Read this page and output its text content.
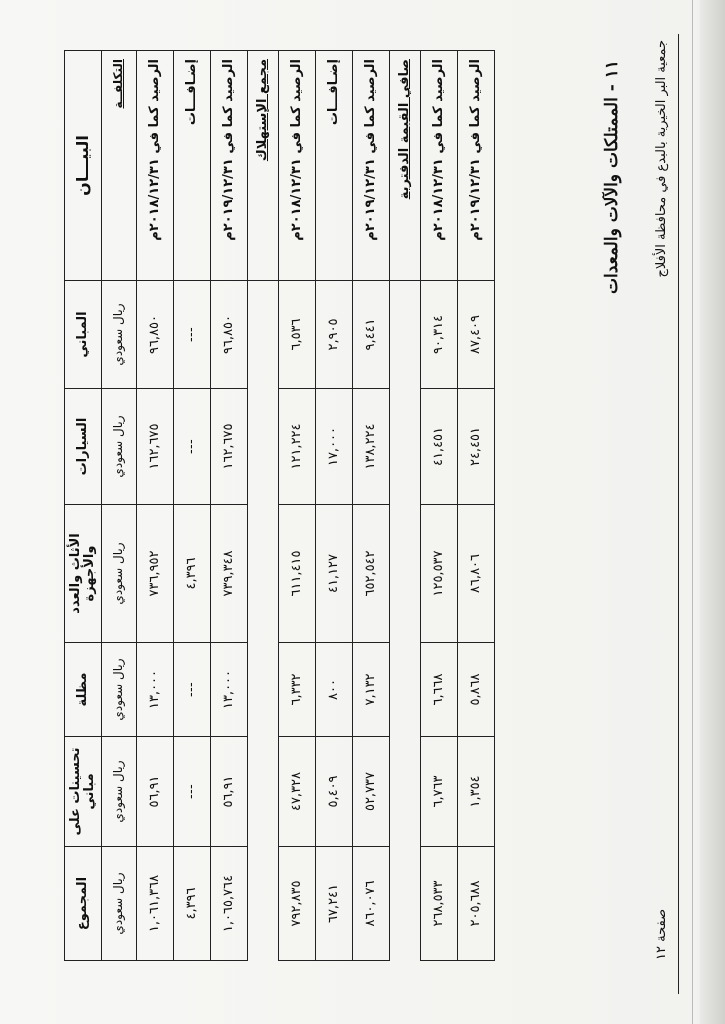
جمعية البر الخيرية بالبدع في محافظة الأفلاج
صفحة ١٢
١١ - الممتلكات والآلات والمعدات
البيـــان	المباني	السيارات	الأثاث والعدد والأجهزة	مظلة	تحسينات على مباني	المجموع
التكلفــة	ريال سعودي	ريال سعودي	ريال سعودي	ريال سعودي	ريال سعودي	ريال سعودي
الرصيد كما في ٢٠١٨/١٢/٣١م	٩٦,٨٥٠	١٦٢,٦٧٥	٧٣٦,٩٥٢	١٣,٠٠٠	٥٦,٩١	١,٠٦١,٣٦٨
إضـافـــات	---	---	٤,٣٩٦	---	---	٤,٣٩٦
الرصيد كما في ٢٠١٩/١٢/٣١م	٩٦,٨٥٠	١٦٢,٦٧٥	٧٣٩,٣٤٨	١٣,٠٠٠	٥٦,٩١	١,٠٦٥,٧٦٤
مجمع الإستهلاك						
الرصيد كما في ٢٠١٨/١٢/٣١م	٦,٥٣٦	١٢١,٢٢٤	٦١١,٤١٥	٦,٣٣٢	٤٧,٣٢٨	٧٩٢,٨٣٥
إضـافـــات	٢,٩٠٥	١٧,٠٠٠	٤١,١٢٧	٨٠٠	٥,٤٠٩	٦٧,٢٤١
الرصيد كما في ٢٠١٩/١٢/٣١م	٩,٤٤١	١٣٨,٢٢٤	٦٥٢,٥٤٢	٧,١٣٢	٥٢,٧٣٧	٨٦٠,٠٧٦
صافي القيمة الدفترية						
الرصيد كما في ٢٠١٨/١٢/٣١م	٩٠,٣١٤	٤١,٤٥١	١٢٥,٥٣٧	٦,٦٦٨	٦,٧٦٣	٢٦٨,٥٣٣
الرصيد كما في ٢٠١٩/١٢/٣١م	٨٧,٤٠٩	٢٤,٤٥١	٨٦,٨٠٦	٥,٨٦٨	١,٣٥٤	٢٠٥,٦٨٨
